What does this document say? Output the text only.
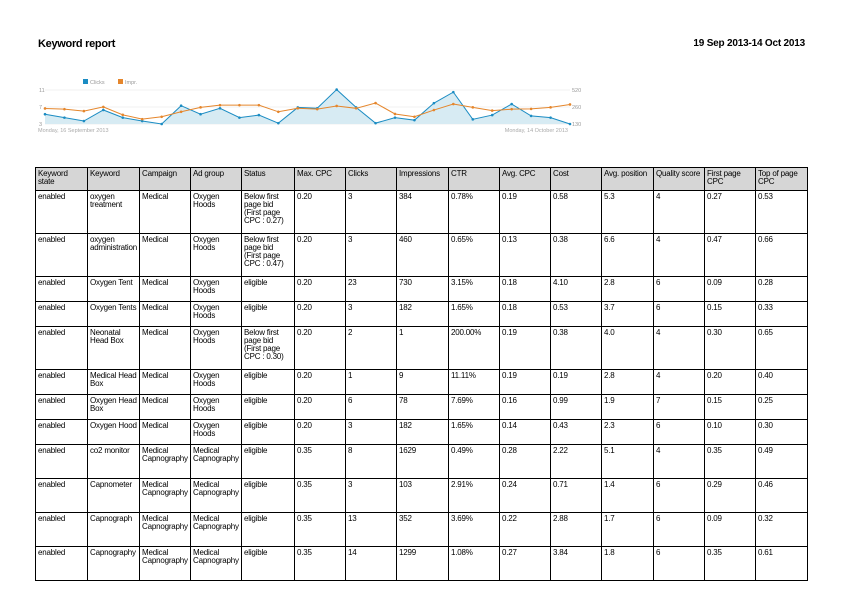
Keyword report	19 Sep 2013-14 Oct 2013
Clicks	Impr.
11
7
3
520
260
130
Monday, 16 September 2013	Monday, 14 October 2013
Keyword state	Keyword	Campaign	Ad group	Status	Max. CPC	Clicks	Impressions	CTR	Avg. CPC	Cost	Avg. position	Quality score	First page CPC	Top of page CPC
enabled	oxygen treatment	Medical	Oxygen Hoods	Below first page bid (First page CPC : 0.27)	0.20	3	384	0.78%	0.19	0.58	5.3	4	0.27	0.53
enabled	oxygen administration	Medical	Oxygen Hoods	Below first page bid (First page CPC : 0.47)	0.20	3	460	0.65%	0.13	0.38	6.6	4	0.47	0.66
enabled	Oxygen Tent	Medical	Oxygen Hoods	eligible	0.20	23	730	3.15%	0.18	4.10	2.8	6	0.09	0.28
enabled	Oxygen Tents	Medical	Oxygen Hoods	eligible	0.20	3	182	1.65%	0.18	0.53	3.7	6	0.15	0.33
enabled	Neonatal Head Box	Medical	Oxygen Hoods	Below first page bid (First page CPC : 0.30)	0.20	2	1	200.00%	0.19	0.38	4.0	4	0.30	0.65
enabled	Medical Head Box	Medical	Oxygen Hoods	eligible	0.20	1	9	11.11%	0.19	0.19	2.8	4	0.20	0.40
enabled	Oxygen Head Box	Medical	Oxygen Hoods	eligible	0.20	6	78	7.69%	0.16	0.99	1.9	7	0.15	0.25
enabled	Oxygen Hood	Medical	Oxygen Hoods	eligible	0.20	3	182	1.65%	0.14	0.43	2.3	6	0.10	0.30
enabled	co2 monitor	Medical Capnography	Medical Capnography	eligible	0.35	8	1629	0.49%	0.28	2.22	5.1	4	0.35	0.49
enabled	Capnometer	Medical Capnography	Medical Capnography	eligible	0.35	3	103	2.91%	0.24	0.71	1.4	6	0.29	0.46
enabled	Capnograph	Medical Capnography	Medical Capnography	eligible	0.35	13	352	3.69%	0.22	2.88	1.7	6	0.09	0.32
enabled	Capnography	Medical Capnography	Medical Capnography	eligible	0.35	14	1299	1.08%	0.27	3.84	1.8	6	0.35	0.61
